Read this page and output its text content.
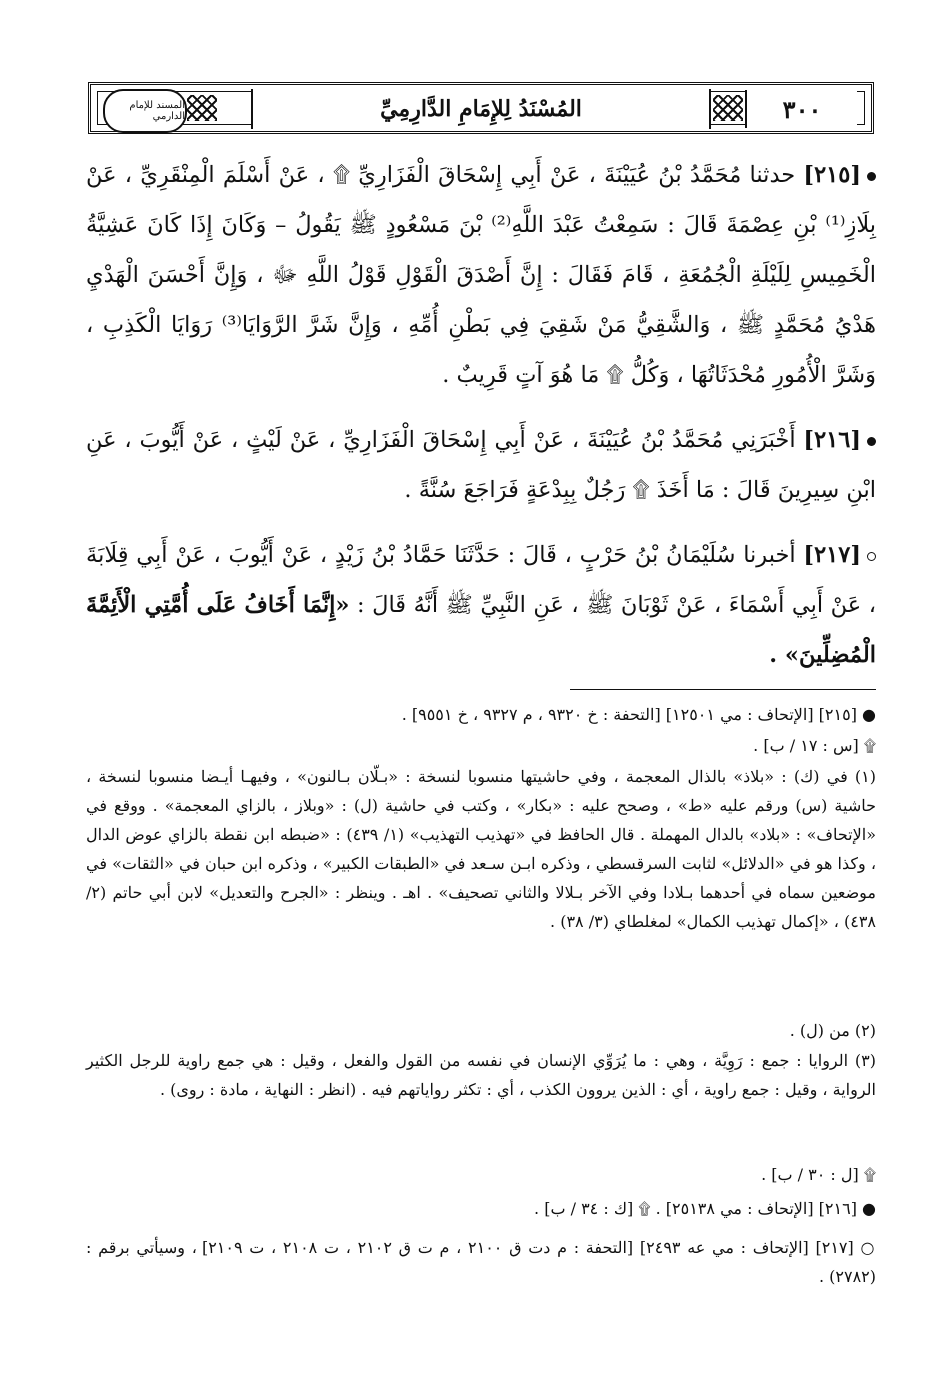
٣٠٠
المُسْنَدُ لِلإِمَامِ الدَّارِمِيِّ
المسند للإمام الدارمي
[٢١٥] حدثنا مُحَمَّدُ بْنُ عُيَيْنَةَ ، عَنْ أَبِي إِسْحَاقَ الْفَزَارِيِّ ۩ ، عَنْ أَسْلَمَ الْمِنْقَرِيِّ ، عَنْ بِلَازِ⁽¹⁾ بْنِ عِصْمَةَ قَالَ : سَمِعْتُ عَبْدَ اللَّهِ⁽²⁾ بْنَ مَسْعُودٍ ﷺ يَقُولُ – وَكَانَ إِذَا كَانَ عَشِيَّةُ الْخَمِيسِ لِلَيْلَةِ الْجُمُعَةِ ، قَامَ فَقَالَ : إِنَّ أَصْدَقَ الْقَوْلِ قَوْلُ اللَّهِ ﷻ ، وَإِنَّ أَحْسَنَ الْهَدْيِ هَدْيُ مُحَمَّدٍ ﷺ ، وَالشَّقِيُّ مَنْ شَقِيَ فِي بَطْنِ أُمِّهِ ، وَإِنَّ شَرَّ الرَّوَايَا⁽³⁾ رَوَايَا الْكَذِبِ ، وَشَرَّ الْأُمُورِ مُحْدَثَاتُهَا ، وَكُلُّ ۩ مَا هُوَ آتٍ قَرِيبٌ .
[٢١٦] أَخْبَرَنِي مُحَمَّدُ بْنُ عُيَيْنَةَ ، عَنْ أَبِي إِسْحَاقَ الْفَزَارِيِّ ، عَنْ لَيْثٍ ، عَنْ أَيُّوبَ ، عَنِ ابْنِ سِيرِينَ قَالَ : مَا أَخَذَ ۩ رَجُلٌ بِبِدْعَةٍ فَرَاجَعَ سُنَّةً .
[٢١٧] أخبرنا سُلَيْمَانُ بْنُ حَرْبٍ ، قَالَ : حَدَّثَنَا حَمَّادُ بْنُ زَيْدٍ ، عَنْ أَيُّوبَ ، عَنْ أَبِي قِلَابَةَ ، عَنْ أَبِي أَسْمَاءَ ، عَنْ ثَوْبَانَ ﷺ ، عَنِ النَّبِيِّ ﷺ أَنَّهُ قَالَ : «إِنَّمَا أَخَافُ عَلَى أُمَّتِي الْأَئِمَّةَ الْمُضِلِّينَ» .
● [٢١٥] [الإتحاف : مي ١٢٥٠١] [التحفة : خ ٩٣٢٠ ، م ٩٣٢٧ ، خ ٩٥٥١] .
۩ [س : ١٧ / ب] .
(١) في (ك) : «بلاذ» بالذال المعجمة ، وفي حاشيتها منسوبا لنسخة : «بـلّان بـالنون» ، وفيهـا أيـضا منسوبا لنسخة ، حاشية (س) ورقم عليه «ط» ، وصحح عليه : «بكار» ، وكتب في حاشية (ل) : «وبلاز ، بالزاي المعجمة» . ووقع في «الإتحاف» : «بلاد» بالدال المهملة . قال الحافظ في «تهذيب التهذيب» (١/ ٤٣٩) : «ضبطه ابن نقطة بالزاي عوض الدال ، وكذا هو في «الدلائل» لثابت السرقسطي ، وذكره ابـن سـعد في «الطبقات الكبير» ، وذكره ابن حبان في «الثقات» في موضعين سماه في أحدهما بـلادا وفي الآخر بـلالا والثاني تصحيف» . اهـ . وينظر : «الجرح والتعديل» لابن أبي حاتم (٢/ ٤٣٨) ، «إكمال تهذيب الكمال» لمغلطاي (٣/ ٣٨) .
(٢) من (ل) .
(٣) الروايا : جمع : رَوِيَّة ، وهي : ما يُرَوِّي الإنسان في نفسه من القول والفعل ، وقيل : هي جمع راوية للرجل الكثير الرواية ، وقيل : جمع راوية ، أي : الذين يروون الكذب ، أي : تكثر رواياتهم فيه . (انظر : النهاية ، مادة : روى) .
۩ [ل : ٣٠ / ب] .
● [٢١٦] [الإتحاف : مي ٢٥١٣٨] . ۩ [ك : ٣٤ / ب] .
○ [٢١٧] [الإتحاف : مي عه ٢٤٩٣] [التحفة : م دت ق ٢١٠٠ ، م ت ق ٢١٠٢ ، ت ٢١٠٨ ، ت ٢١٠٩] ، وسيأتي برقم : (٢٧٨٢) .
